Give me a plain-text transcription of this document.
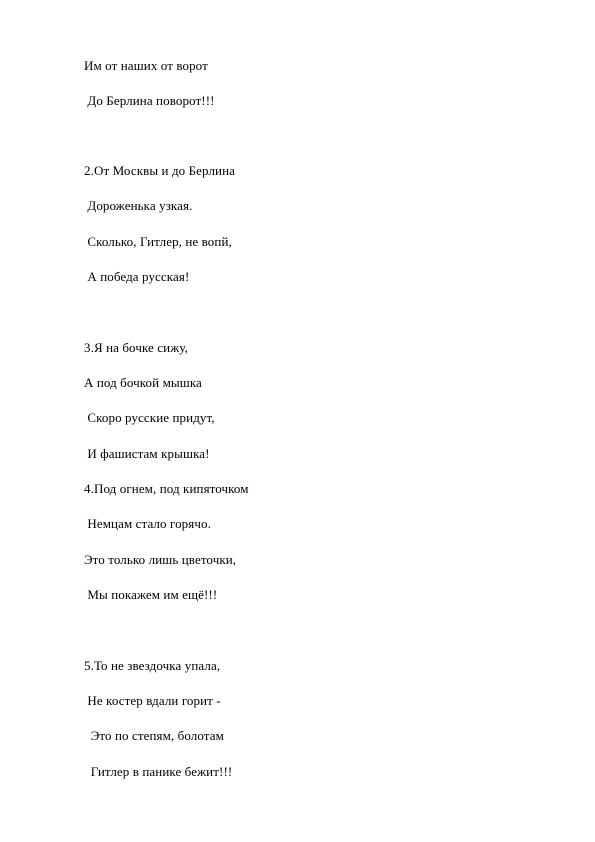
Им от наших от ворот
До Берлина поворот!!!
2.От Москвы и до Берлина
Дороженька узкая.
Сколько, Гитлер, не вопй,
А победа русская!
3.Я на бочке сижу,
А под бочкой мышка
Скоро русские придут,
И фашистам крышка!
4.Под огнем, под кипяточком
Немцам стало горячо.
Это только лишь цветочки,
Мы покажем им ещё!!!
5.То не звездочка упала,
Не костер вдали горит -
Это по степям, болотам
Гитлер в панике бежит!!!
